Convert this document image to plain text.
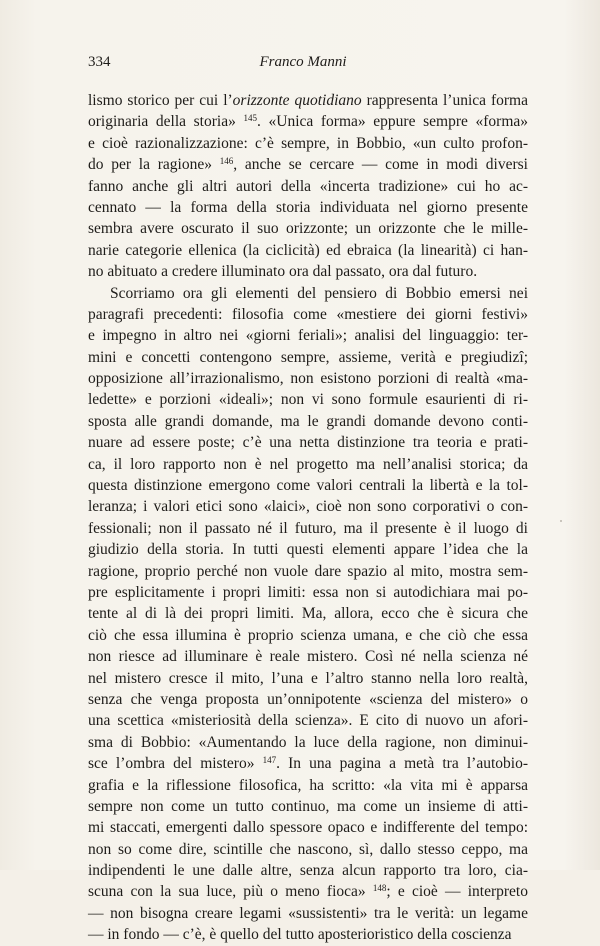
334	Franco Manni
lismo storico per cui l’orizzonte quotidiano rappresenta l’unica forma
originaria della storia» $^{145}$. «Unica forma» eppure sempre «forma»
e cioè razionalizzazione: c’è sempre, in Bobbio, «un culto profon-
do per la ragione» $^{146}$, anche se cercare — come in modi diversi
fanno anche gli altri autori della «incerta tradizione» cui ho ac-
cennato — la forma della storia individuata nel giorno presente
sembra avere oscurato il suo orizzonte; un orizzonte che le mille-
narie categorie ellenica (la ciclicità) ed ebraica (la linearità) ci han-
no abituato a credere illuminato ora dal passato, ora dal futuro.
Scorriamo ora gli elementi del pensiero di Bobbio emersi nei
paragrafi precedenti: filosofia come «mestiere dei giorni festivi»
e impegno in altro nei «giorni feriali»; analisi del linguaggio: ter-
mini e concetti contengono sempre, assieme, verità e pregiudizî;
opposizione all’irrazionalismo, non esistono porzioni di realtà «ma-
ledette» e porzioni «ideali»; non vi sono formule esaurienti di ri-
sposta alle grandi domande, ma le grandi domande devono conti-
nuare ad essere poste; c’è una netta distinzione tra teoria e prati-
ca, il loro rapporto non è nel progetto ma nell’analisi storica; da
questa distinzione emergono come valori centrali la libertà e la tol-
leranza; i valori etici sono «laici», cioè non sono corporativi o con-
fessionali; non il passato né il futuro, ma il presente è il luogo di
giudizio della storia. In tutti questi elementi appare l’idea che la
ragione, proprio perché non vuole dare spazio al mito, mostra sem-
pre esplicitamente i propri limiti: essa non si autodichiara mai po-
tente al di là dei propri limiti. Ma, allora, ecco che è sicura che
ciò che essa illumina è proprio scienza umana, e che ciò che essa
non riesce ad illuminare è reale mistero. Così né nella scienza né
nel mistero cresce il mito, l’una e l’altro stanno nella loro realtà,
senza che venga proposta un’onnipotente «scienza del mistero» o
una scettica «misteriosità della scienza». E cito di nuovo un afori-
sma di Bobbio: «Aumentando la luce della ragione, non diminui-
sce l’ombra del mistero» $^{147}$. In una pagina a metà tra l’autobio-
grafia e la riflessione filosofica, ha scritto: «la vita mi è apparsa
sempre non come un tutto continuo, ma come un insieme di atti-
mi staccati, emergenti dallo spessore opaco e indifferente del tempo:
non so come dire, scintille che nascono, sì, dallo stesso ceppo, ma
indipendenti le une dalle altre, senza alcun rapporto tra loro, cia-
scuna con la sua luce, più o meno fioca» $^{148}$; e cioè — interpreto
— non bisogna creare legami «sussistenti» tra le verità: un legame
— in fondo — c’è, è quello del tutto aposterioristico della coscienza
